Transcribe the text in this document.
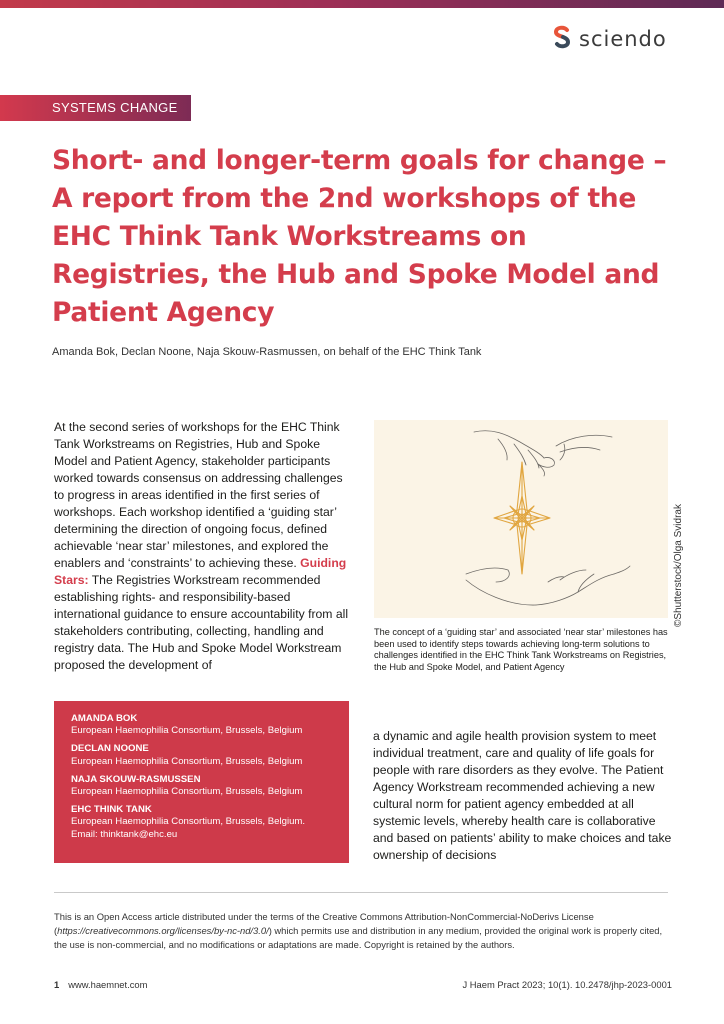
sciendo
SYSTEMS CHANGE
Short- and longer-term goals for change – A report from the 2nd workshops of the EHC Think Tank Workstreams on Registries, the Hub and Spoke Model and Patient Agency
Amanda Bok, Declan Noone, Naja Skouw-Rasmussen, on behalf of the EHC Think Tank

At the second series of workshops for the EHC Think Tank Workstreams on Registries, Hub and Spoke Model and Patient Agency, stakeholder participants worked towards consensus on addressing challenges to progress in areas identified in the first series of workshops. Each workshop identified a ‘guiding star’ determining the direction of ongoing focus, defined achievable ‘near star’ milestones, and explored the enablers and ‘constraints’ to achieving these. Guiding Stars: The Registries Workstream recommended establishing rights- and responsibility-based international guidance to ensure accountability from all stakeholders contributing, collecting, handling and registry data. The Hub and Spoke Model Workstream proposed the development of

©Shutterstock/Olga Svidrak

The concept of a ‘guiding star’ and associated ‘near star’ milestones has been used to identify steps towards achieving long-term solutions to challenges identified in the EHC Think Tank Workstreams on Registries, the Hub and Spoke Model, and Patient Agency

AMANDA BOK
European Haemophilia Consortium, Brussels, Belgium
DECLAN NOONE
European Haemophilia Consortium, Brussels, Belgium
NAJA SKOUW-RASMUSSEN
European Haemophilia Consortium, Brussels, Belgium
EHC THINK TANK
European Haemophilia Consortium, Brussels, Belgium.
Email: thinktank@ehc.eu

a dynamic and agile health provision system to meet individual treatment, care and quality of life goals for people with rare disorders as they evolve. The Patient Agency Workstream recommended achieving a new cultural norm for patient agency embedded at all systemic levels, whereby health care is collaborative and based on patients’ ability to make choices and take ownership of decisions

This is an Open Access article distributed under the terms of the Creative Commons Attribution-NonCommercial-NoDerivs License (https://creativecommons.org/licenses/by-nc-nd/3.0/) which permits use and distribution in any medium, provided the original work is properly cited, the use is non-commercial, and no modifications or adaptations are made. Copyright is retained by the authors.

1 www.haemnet.com	J Haem Pract 2023; 10(1). 10.2478/jhp-2023-0001
